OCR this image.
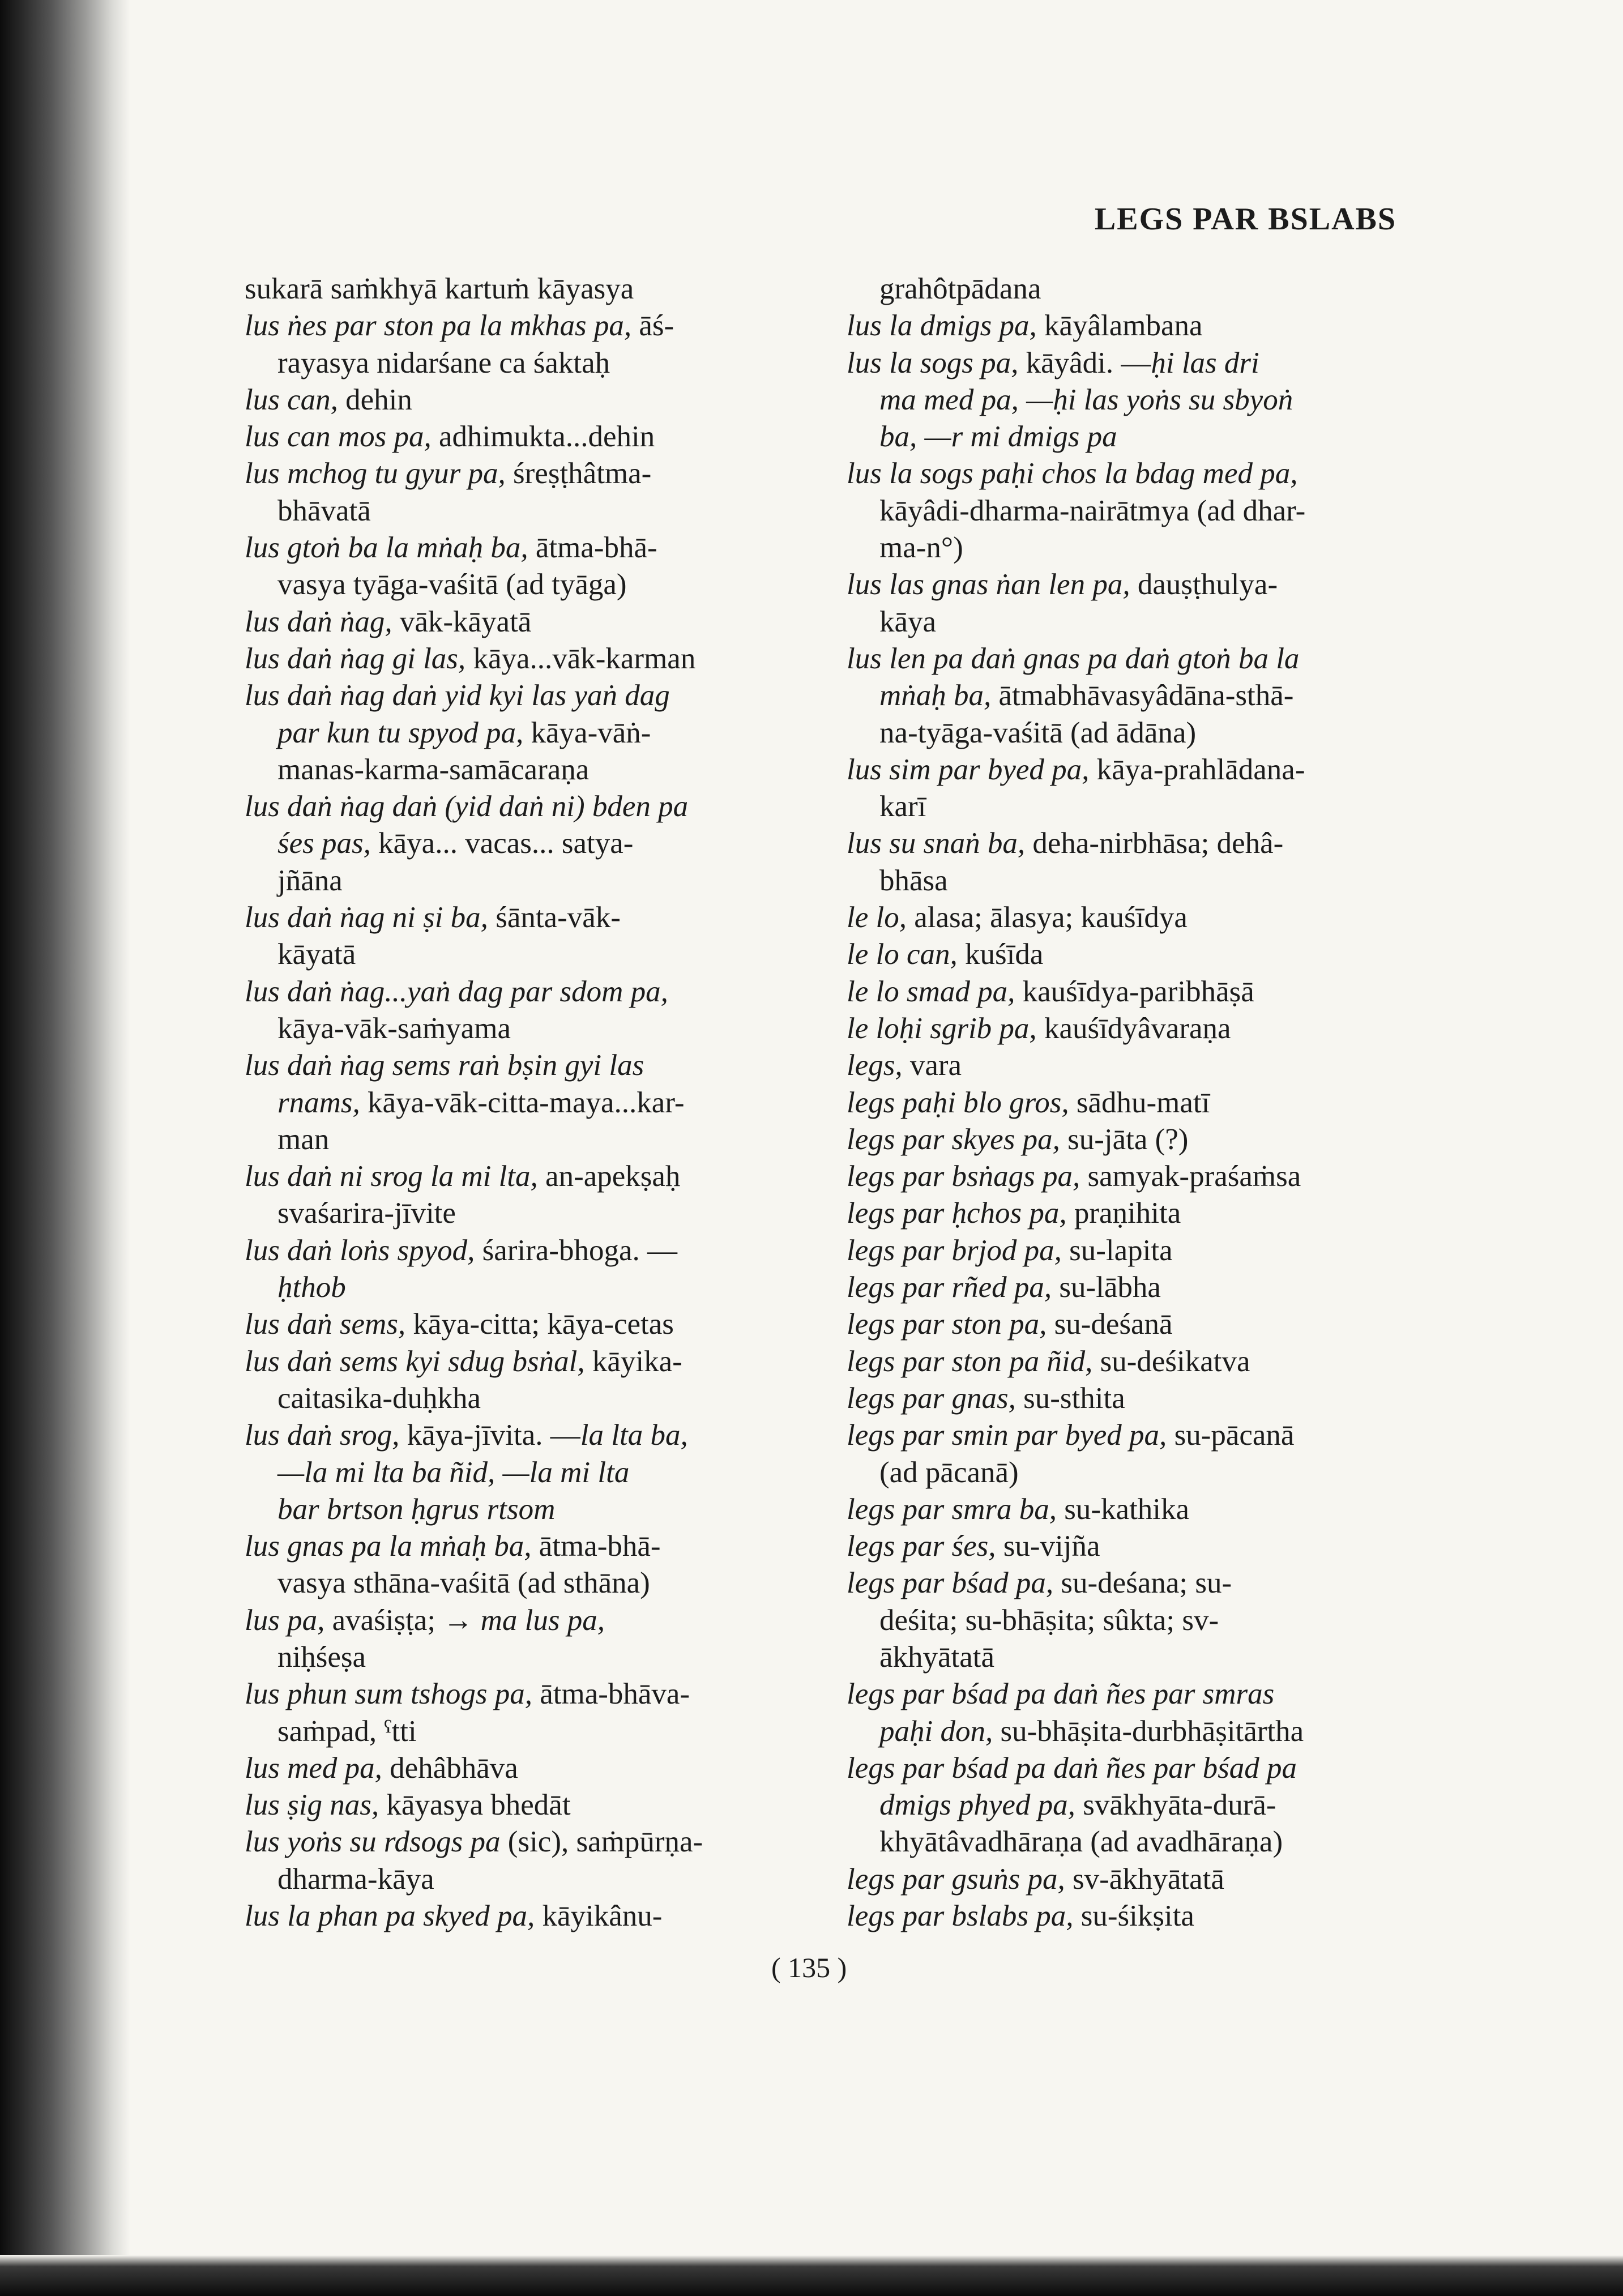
LEGS PAR BSLABS
sukarā saṁkhyā kartuṁ kāyasya
lus ṅes par ston pa la mkhas pa, āś-
rayasya nidarśane ca śaktaḥ
lus can, dehin
lus can mos pa, adhimukta...dehin
lus mchog tu gyur pa, śreṣṭhâtma-
bhāvatā
lus gtoṅ ba la mṅaḥ ba, ātma-bhā-
vasya tyāga-vaśitā (ad tyāga)
lus daṅ ṅag, vāk-kāyatā
lus daṅ ṅag gi las, kāya...vāk-karman
lus daṅ ṅag daṅ yid kyi las yaṅ dag
par kun tu spyod pa, kāya-vāṅ-
manas-karma-samācaraṇa
lus daṅ ṅag daṅ (yid daṅ ni) bden pa
śes pas, kāya... vacas... satya-
jñāna
lus daṅ ṅag ni ṣi ba, śānta-vāk-
kāyatā
lus daṅ ṅag...yaṅ dag par sdom pa,
kāya-vāk-saṁyama
lus daṅ ṅag sems raṅ bṣin gyi las
rnams, kāya-vāk-citta-maya...kar-
man
lus daṅ ni srog la mi lta, an-apekṣaḥ
svaśarira-jīvite
lus daṅ loṅs spyod, śarira-bhoga. —
ḥthob
lus daṅ sems, kāya-citta; kāya-cetas
lus daṅ sems kyi sdug bsṅal, kāyika-
caitasika-duḥkha
lus daṅ srog, kāya-jīvita. —la lta ba,
—la mi lta ba ñid, —la mi lta
bar brtson ḥgrus rtsom
lus gnas pa la mṅaḥ ba, ātma-bhā-
vasya sthāna-vaśitā (ad sthāna)
lus pa, avaśiṣṭa; → ma lus pa,
niḥśeṣa
lus phun sum tshogs pa, ātma-bhāva-
saṁpad, ˁtti
lus med pa, dehâbhāva
lus ṣig nas, kāyasya bhedāt
lus yoṅs su rdsogs pa (sic), saṁpūrṇa-
dharma-kāya
lus la phan pa skyed pa, kāyikânu-
grahôtpādana
lus la dmigs pa, kāyâlambana
lus la sogs pa, kāyâdi. —ḥi las dri
ma med pa, —ḥi las yoṅs su sbyoṅ
ba, —r mi dmigs pa
lus la sogs paḥi chos la bdag med pa,
kāyâdi-dharma-nairātmya (ad dhar-
ma-n°)
lus las gnas ṅan len pa, dauṣṭhulya-
kāya
lus len pa daṅ gnas pa daṅ gtoṅ ba la
mṅaḥ ba, ātmabhāvasyâdāna-sthā-
na-tyāga-vaśitā (ad ādāna)
lus sim par byed pa, kāya-prahlādana-
karī
lus su snaṅ ba, deha-nirbhāsa; dehâ-
bhāsa
le lo, alasa; ālasya; kauśīdya
le lo can, kuśīda
le lo smad pa, kauśīdya-paribhāṣā
le loḥi sgrib pa, kauśīdyâvaraṇa
legs, vara
legs paḥi blo gros, sādhu-matī
legs par skyes pa, su-jāta (?)
legs par bsṅags pa, samyak-praśaṁsa
legs par ḥchos pa, praṇihita
legs par brjod pa, su-lapita
legs par rñed pa, su-lābha
legs par ston pa, su-deśanā
legs par ston pa ñid, su-deśikatva
legs par gnas, su-sthita
legs par smin par byed pa, su-pācanā
(ad pācanā)
legs par smra ba, su-kathika
legs par śes, su-vijña
legs par bśad pa, su-deśana; su-
deśita; su-bhāṣita; sûkta; sv-
ākhyātatā
legs par bśad pa daṅ ñes par smras
paḥi don, su-bhāṣita-durbhāṣitārtha
legs par bśad pa daṅ ñes par bśad pa
dmigs phyed pa, svākhyāta-durā-
khyātâvadhāraṇa (ad avadhāraṇa)
legs par gsuṅs pa, sv-ākhyātatā
legs par bslabs pa, su-śikṣita
( 135 )
